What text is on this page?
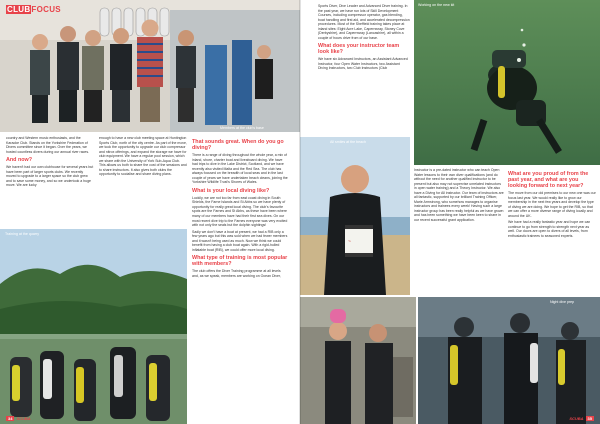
CLUBFOCUS
Members at the club's base

country and Western music enthusiasts, and the Karaoke Club. Stands on the Yorkshire Federation of Divers committee since it began. Over the years, we hosted countless divers during our annual river races.

And now?

We haven't had our own clubhouse for several years but have been part of larger sports clubs. We recently moved to upgrade to a larger space so the club grew and to save some money, and so we undertook a huge move. We are lucky

enough to have a new club meeting space at Huntington Sports Club, north of the city centre. As part of the move, we took the opportunity to upgrade our club compressor and nitrox offerings, and expand the storage we have for club equipment. We have a regular pool session, which we share with the University of York Sub-Aqua Club. This allows us both to share the cost of the sessions and to share instructors. It also gives both clubs the opportunity to socialise and share diving plans.

That sounds great. When do you go diving?

There is a range of diving throughout the whole year, a mix of inland, shore, charter boat and liveaboard diving. We have had trips to dive in the Lake District, Scotland, and we have recently also visited Malta and the Red Sea. The club has always focused on the breadth of local seas and in the last couple of years we have undertaken beach cleans, joining the Yorkshire Wildlife Trust's Shores of Wales.

What is your local diving like?

Luckily, we are not too far from east coast diving in South Shields, the Farne Islands and St Abbs so we have plenty of opportunity for really great local diving. The club's favourite spots are the Farnes and St Abbs, as these have been where many of our members have had their first sea dives. On our most recent dive trip to the Farnes everyone was very excited with not only the seals but the dolphin sightings!

Sadly we don't have a boat at present, we had a RIB only a few years ago but this was sold when we had fewer members and it wasn't being used as much. Now we think we could benefit from having a club boat again. With a rigid-hulled inflatable boat (RIB), we could offer more local diving.

What type of training is most popular with members?

The club offers the Diver Training programme at all levels and, as we speak, members are working on Ocean Diver,

Training at the quarry
34 SCUBA

Sports Diver, Dive Leader and Advanced Diver training. In the past year, we have run lots of Skill Development Courses, including compressor operator, gas blending, boat handling and first aid, and accelerated decompression procedures. Most of the Sheffield training takes place at inland sites: Eight Acre Lake, Capernwray, Stoney Cove (Derbyshire), and Capernwray (Lancashire), all within a couple of hours drive from of our base.

What does your instructor team look like?

We have six Advanced Instructors, an Assistant Advanced Instructor, four Open Water Instructors, two Assistant Diving Instructors, two Club Instructors (Club

Working on the new kit
~
All smiles at the beach

Instructor is a pre-dated instructor who can teach Open Water lessons to their own diver qualifications (and do without the need for another qualified instructor to be present but also may not supervise unrelated instructors in open water training) and a Theory Instructor. We also have a Diving for All instructor. Our team of instructors are all fantastic, supported by our brilliant Training Officer, Marie Armstrong, who somehow manages to organise instructors and trainees every week! Having such a large instructor group has been really helpful as we have grown and has been something we have been keen to share in our recent successful grant application.

What are you proud of from the past year, and what are you looking forward to next year?

The move from our old premises to our new one was our focus last year. We would really like to grow our membership in the next few years and develop the type of diving we are doing. We hope to get the RIB, so that we can offer a more diverse range of diving locally and around the UK.

We have had a really fantastic year and hope we can continue to go from strength to strength next year as well. Our doors are open to divers of all levels, from enthusiastic trainees to seasoned experts.

Night dive prep
SCUBA 35
